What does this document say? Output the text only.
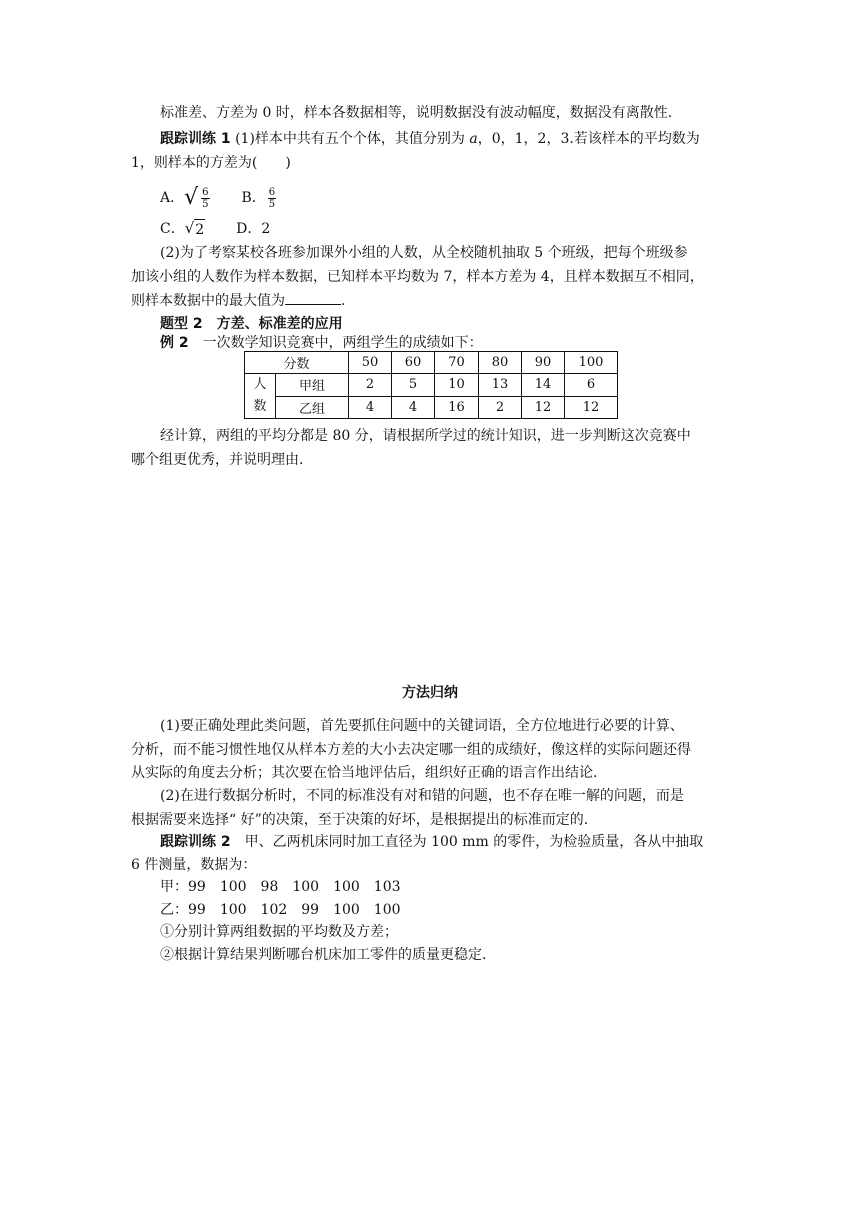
标准差、方差为 0 时，样本各数据相等，说明数据没有波动幅度，数据没有离散性.
跟踪训练 1 (1)样本中共有五个个体，其值分别为 a，0，1，2，3.若该样本的平均数为
1，则样本的方差为(　　)
A．√ $\frac{6}{5}$ B． $\frac{6}{5}$
C．√2 D．2
(2)为了考察某校各班参加课外小组的人数，从全校随机抽取 5 个班级，把每个班级参
加该小组的人数作为样本数据，已知样本平均数为 7，样本方差为 4，且样本数据互不相同，
则样本数据中的最大值为	.
题型 2　方差、标准差的应用
例 2　一次数学知识竞赛中，两组学生的成绩如下：
分数		50	60	70	80	90	100
人
数	甲组	2	5	10	13	14	6
	乙组	4	4	16	2	12	12
经计算，两组的平均分都是 80 分，请根据所学过的统计知识，进一步判断这次竞赛中
哪个组更优秀，并说明理由.
方法归纳
(1)要正确处理此类问题，首先要抓住问题中的关键词语，全方位地进行必要的计算、
分析，而不能习惯性地仅从样本方差的大小去决定哪一组的成绩好，像这样的实际问题还得
从实际的角度去分析；其次要在恰当地评估后，组织好正确的语言作出结论.
(2)在进行数据分析时，不同的标准没有对和错的问题，也不存在唯一解的问题，而是
根据需要来选择“ 好”的决策，至于决策的好坏，是根据提出的标准而定的.
跟踪训练 2　甲、乙两机床同时加工直径为 100 mm 的零件，为检验质量，各从中抽取
6 件测量，数据为：
甲：99　100　98　100　100　103
乙：99　100　102　99　100　100
①分别计算两组数据的平均数及方差；
②根据计算结果判断哪台机床加工零件的质量更稳定.
